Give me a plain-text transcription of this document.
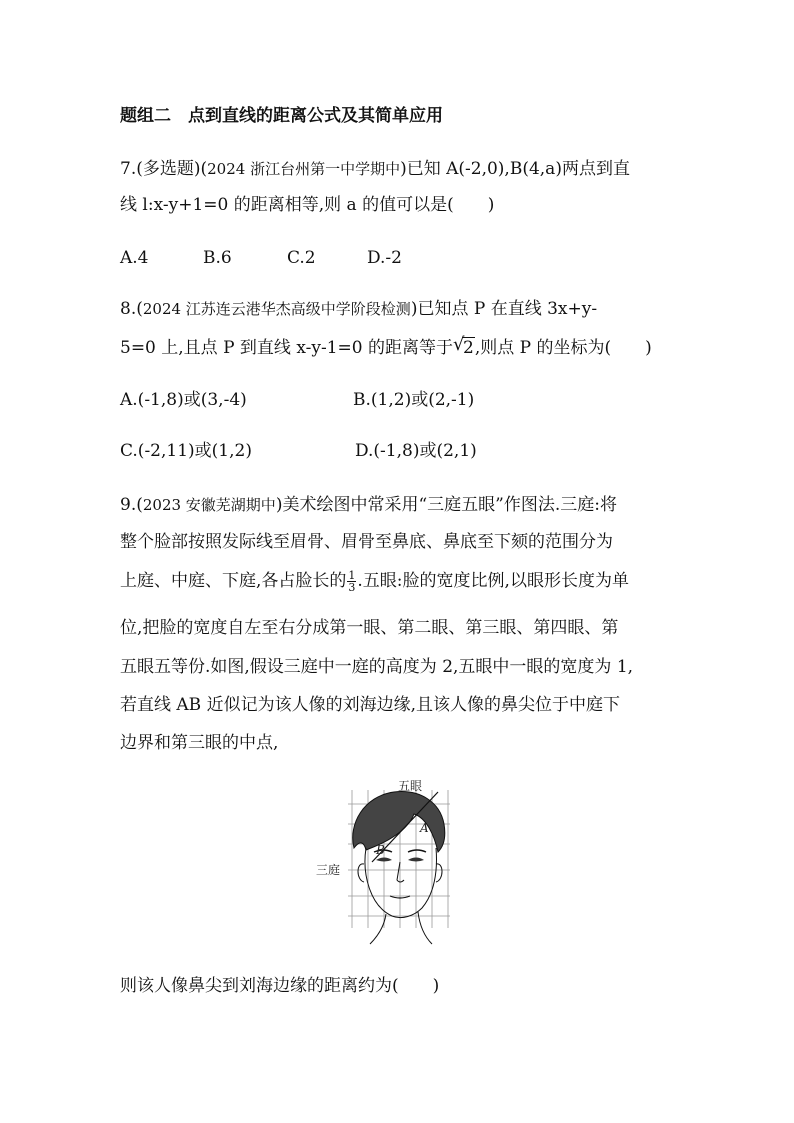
题组二　点到直线的距离公式及其简单应用
7.(多选题)(2024 浙江台州第一中学期中)已知 A(-2,0),B(4,a)两点到直
线 l:x-y+1=0 的距离相等,则 a 的值可以是(　　)
A.4	B.6	C.2	D.-2
8.(2024 江苏连云港华杰高级中学阶段检测)已知点 P 在直线 3x+y-
5=0 上,且点 P 到直线 x-y-1=0 的距离等于 √
2,则点 P 的坐标为(　　)
A.(-1,8)或(3,-4)	B.(1,2)或(2,-1)
C.(-2,11)或(1,2)	D.(-1,8)或(2,1)
9.(2023 安徽芜湖期中)美术绘图中常采用“三庭五眼”作图法.三庭:将
整个脸部按照发际线至眉骨、眉骨至鼻底、鼻底至下颏的范围分为
上庭、中庭、下庭,各占脸长的 $\frac{1}{3}$ .五眼:脸的宽度比例,以眼形长度为单
位,把脸的宽度自左至右分成第一眼、第二眼、第三眼、第四眼、第
五眼五等份.如图,假设三庭中一庭的高度为 2,五眼中一眼的宽度为 1,
若直线 AB 近似记为该人像的刘海边缘,且该人像的鼻尖位于中庭下
边界和第三眼的中点,
五眼
三庭
A
B
则该人像鼻尖到刘海边缘的距离约为(　　)
